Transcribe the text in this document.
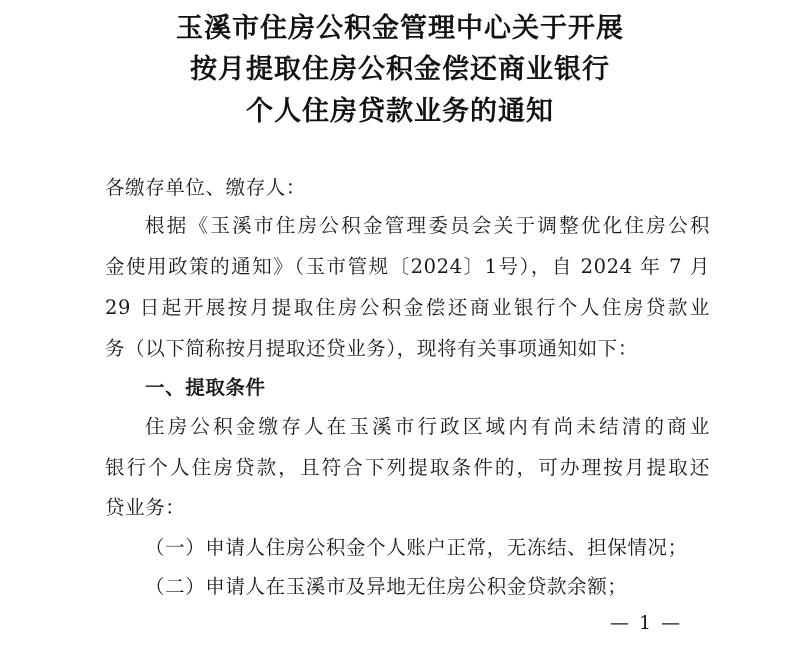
玉溪市住房公积金管理中心关于开展
按月提取住房公积金偿还商业银行
个人住房贷款业务的通知
各缴存单位、缴存人：
根据《玉溪市住房公积金管理委员会关于调整优化住房公积
金使用政策的通知》（玉市管规〔2024〕1号），自 2024 年 7 月
29 日起开展按月提取住房公积金偿还商业银行个人住房贷款业
务（以下简称按月提取还贷业务），现将有关事项通知如下：
一、提取条件
住房公积金缴存人在玉溪市行政区域内有尚未结清的商业
银行个人住房贷款，且符合下列提取条件的，可办理按月提取还
贷业务：
（一）申请人住房公积金个人账户正常，无冻结、担保情况；
（二）申请人在玉溪市及异地无住房公积金贷款余额；
— 1 —
